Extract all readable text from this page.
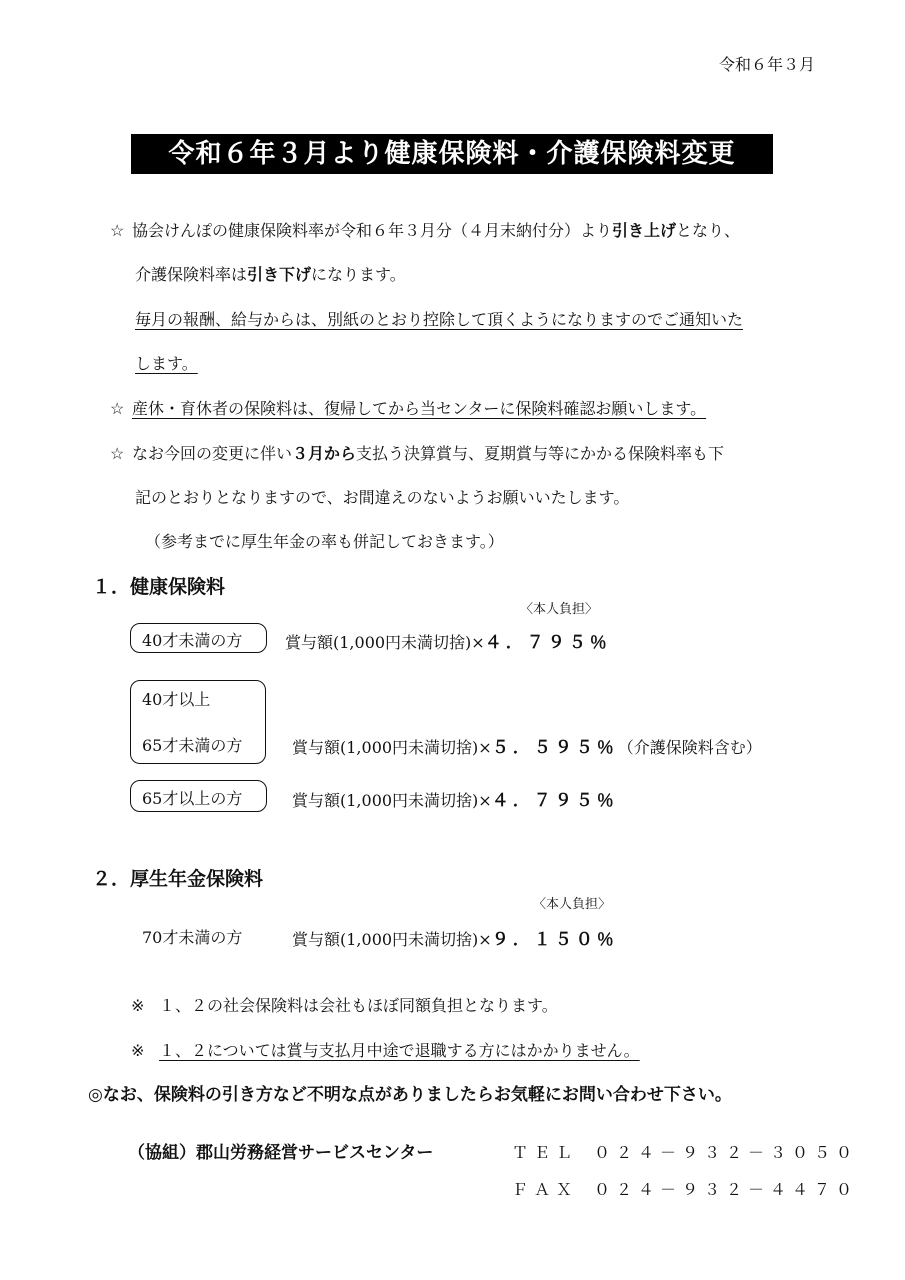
令和６年３月
令和６年３月より健康保険料・介護保険料変更
☆ 協会けんぽの健康保険料率が令和６年３月分（４月末納付分）より引き上げとなり、
介護保険料率は引き下げになります。
毎月の報酬、給与からは、別紙のとおり控除して頂くようになりますのでご通知いた
します。
☆ 産休・育休者の保険料は、復帰してから当センターに保険料確認お願いします。
☆ なお今回の変更に伴い３月から支払う決算賞与、夏期賞与等にかかる保険料率も下
記のとおりとなりますので、お間違えのないようお願いいたします。
（参考までに厚生年金の率も併記しておきます。）
１．健康保険料
〈本人負担〉
40才未満の方	賞与額(1,000円未満切捨)×４．７９５％
40才以上
65才未満の方	賞与額(1,000円未満切捨)×５．５９５％（介護保険料含む）
65才以上の方	賞与額(1,000円未満切捨)×４．７９５％
２．厚生年金保険料
〈本人負担〉
70才未満の方	賞与額(1,000円未満切捨)×９．１５０％
※ １、２の社会保険料は会社もほぼ同額負担となります。
※ １、２については賞与支払月中途で退職する方にはかかりません。
◎なお、保険料の引き方など不明な点がありましたらお気軽にお問い合わせ下さい。
（協組）郡山労務経営サービスセンター	ＴＥＬ ０２４－９３２－３０５０
ＦＡＸ ０２４－９３２－４４７０
